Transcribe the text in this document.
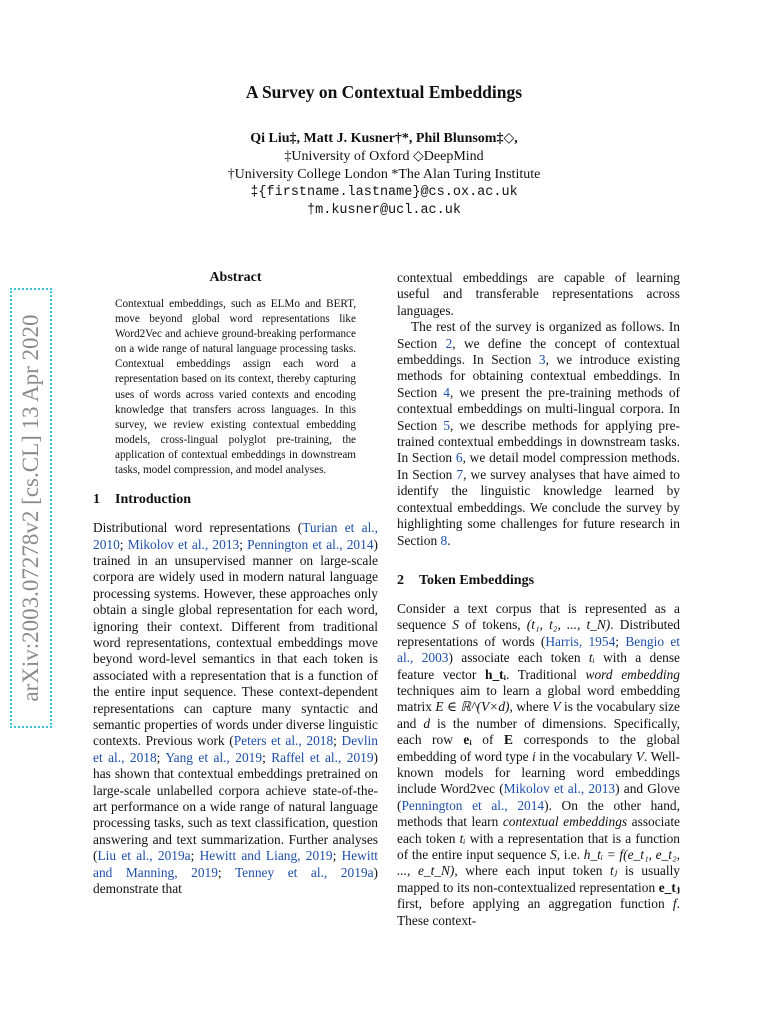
arXiv:2003.07278v2 [cs.CL] 13 Apr 2020
A Survey on Contextual Embeddings
Qi Liu‡, Matt J. Kusner†*, Phil Blunsom‡◇,
‡University of Oxford ◇DeepMind
†University College London *The Alan Turing Institute
‡{firstname.lastname}@cs.ox.ac.uk
†m.kusner@ucl.ac.uk
Abstract

Contextual embeddings, such as ELMo and BERT, move beyond global word representations like Word2Vec and achieve ground-breaking performance on a wide range of natural language processing tasks. Contextual embeddings assign each word a representation based on its context, thereby capturing uses of words across varied contexts and encoding knowledge that transfers across languages. In this survey, we review existing contextual embedding models, cross-lingual polyglot pre-training, the application of contextual embeddings in downstream tasks, model compression, and model analyses.

1 Introduction

Distributional word representations (Turian et al., 2010; Mikolov et al., 2013; Pennington et al., 2014) trained in an unsupervised manner on large-scale corpora are widely used in modern natural language processing systems. However, these approaches only obtain a single global representation for each word, ignoring their context. Different from traditional word representations, contextual embeddings move beyond word-level semantics in that each token is associated with a representation that is a function of the entire input sequence. These context-dependent representations can capture many syntactic and semantic properties of words under diverse linguistic contexts. Previous work (Peters et al., 2018; Devlin et al., 2018; Yang et al., 2019; Raffel et al., 2019) has shown that contextual embeddings pretrained on large-scale unlabelled corpora achieve state-of-the-art performance on a wide range of natural language processing tasks, such as text classification, question answering and text summarization. Further analyses (Liu et al., 2019a; Hewitt and Liang, 2019; Hewitt and Manning, 2019; Tenney et al., 2019a) demonstrate that

contextual embeddings are capable of learning useful and transferable representations across languages.

The rest of the survey is organized as follows. In Section 2, we define the concept of contextual embeddings. In Section 3, we introduce existing methods for obtaining contextual embeddings. In Section 4, we present the pre-training methods of contextual embeddings on multi-lingual corpora. In Section 5, we describe methods for applying pre-trained contextual embeddings in downstream tasks. In Section 6, we detail model compression methods. In Section 7, we survey analyses that have aimed to identify the linguistic knowledge learned by contextual embeddings. We conclude the survey by highlighting some challenges for future research in Section 8.

2 Token Embeddings

Consider a text corpus that is represented as a sequence S of tokens, (t₁, t₂, ..., t_N). Distributed representations of words (Harris, 1954; Bengio et al., 2003) associate each token tᵢ with a dense feature vector h_tᵢ. Traditional word embedding techniques aim to learn a global word embedding matrix E ∈ ℝ^(V×d), where V is the vocabulary size and d is the number of dimensions. Specifically, each row eᵢ of E corresponds to the global embedding of word type i in the vocabulary V. Well-known models for learning word embeddings include Word2vec (Mikolov et al., 2013) and Glove (Pennington et al., 2014). On the other hand, methods that learn contextual embeddings associate each token tᵢ with a representation that is a function of the entire input sequence S, i.e. h_tᵢ = f(e_t₁, e_t₂, ..., e_t_N), where each input token tⱼ is usually mapped to its non-contextualized representation e_tⱼ first, before applying an aggregation function f. These context-
